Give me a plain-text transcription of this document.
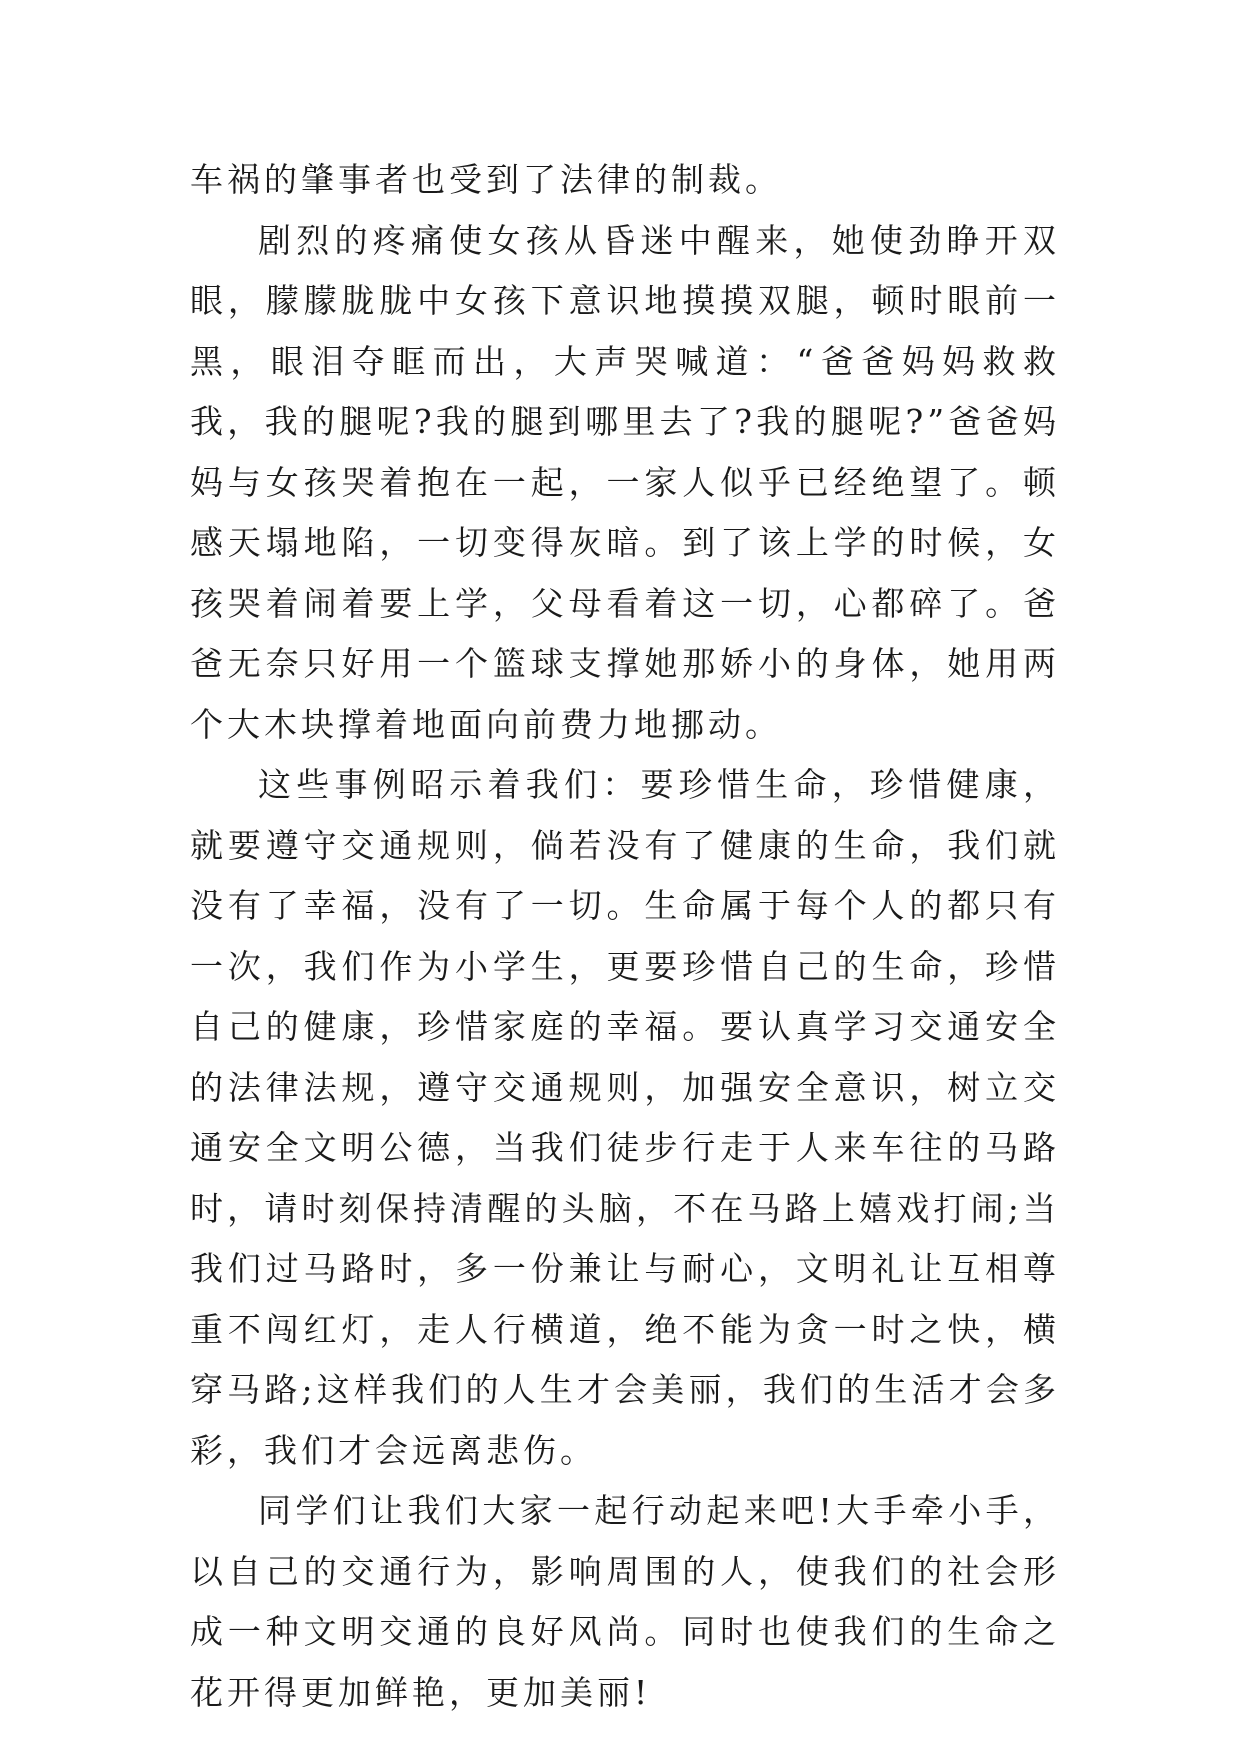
车祸的肇事者也受到了法律的制裁。

剧烈的疼痛使女孩从昏迷中醒来，她使劲睁开双眼，朦朦胧胧中女孩下意识地摸摸双腿，顿时眼前一黑，眼泪夺眶而出，大声哭喊道：“爸爸妈妈救救我，我的腿呢?我的腿到哪里去了?我的腿呢?”爸爸妈妈与女孩哭着抱在一起，一家人似乎已经绝望了。顿感天塌地陷，一切变得灰暗。到了该上学的时候，女孩哭着闹着要上学，父母看着这一切，心都碎了。爸爸无奈只好用一个篮球支撑她那娇小的身体，她用两个大木块撑着地面向前费力地挪动。

这些事例昭示着我们：要珍惜生命，珍惜健康，就要遵守交通规则，倘若没有了健康的生命，我们就没有了幸福，没有了一切。生命属于每个人的都只有一次，我们作为小学生，更要珍惜自己的生命，珍惜自己的健康，珍惜家庭的幸福。要认真学习交通安全的法律法规，遵守交通规则，加强安全意识，树立交通安全文明公德，当我们徒步行走于人来车往的马路时，请时刻保持清醒的头脑，不在马路上嬉戏打闹;当我们过马路时，多一份兼让与耐心，文明礼让互相尊重不闯红灯，走人行横道，绝不能为贪一时之快，横穿马路;这样我们的人生才会美丽，我们的生活才会多彩，我们才会远离悲伤。

同学们让我们大家一起行动起来吧!大手牵小手，以自己的交通行为，影响周围的人，使我们的社会形成一种文明交通的良好风尚。同时也使我们的生命之花开得更加鲜艳，更加美丽!
